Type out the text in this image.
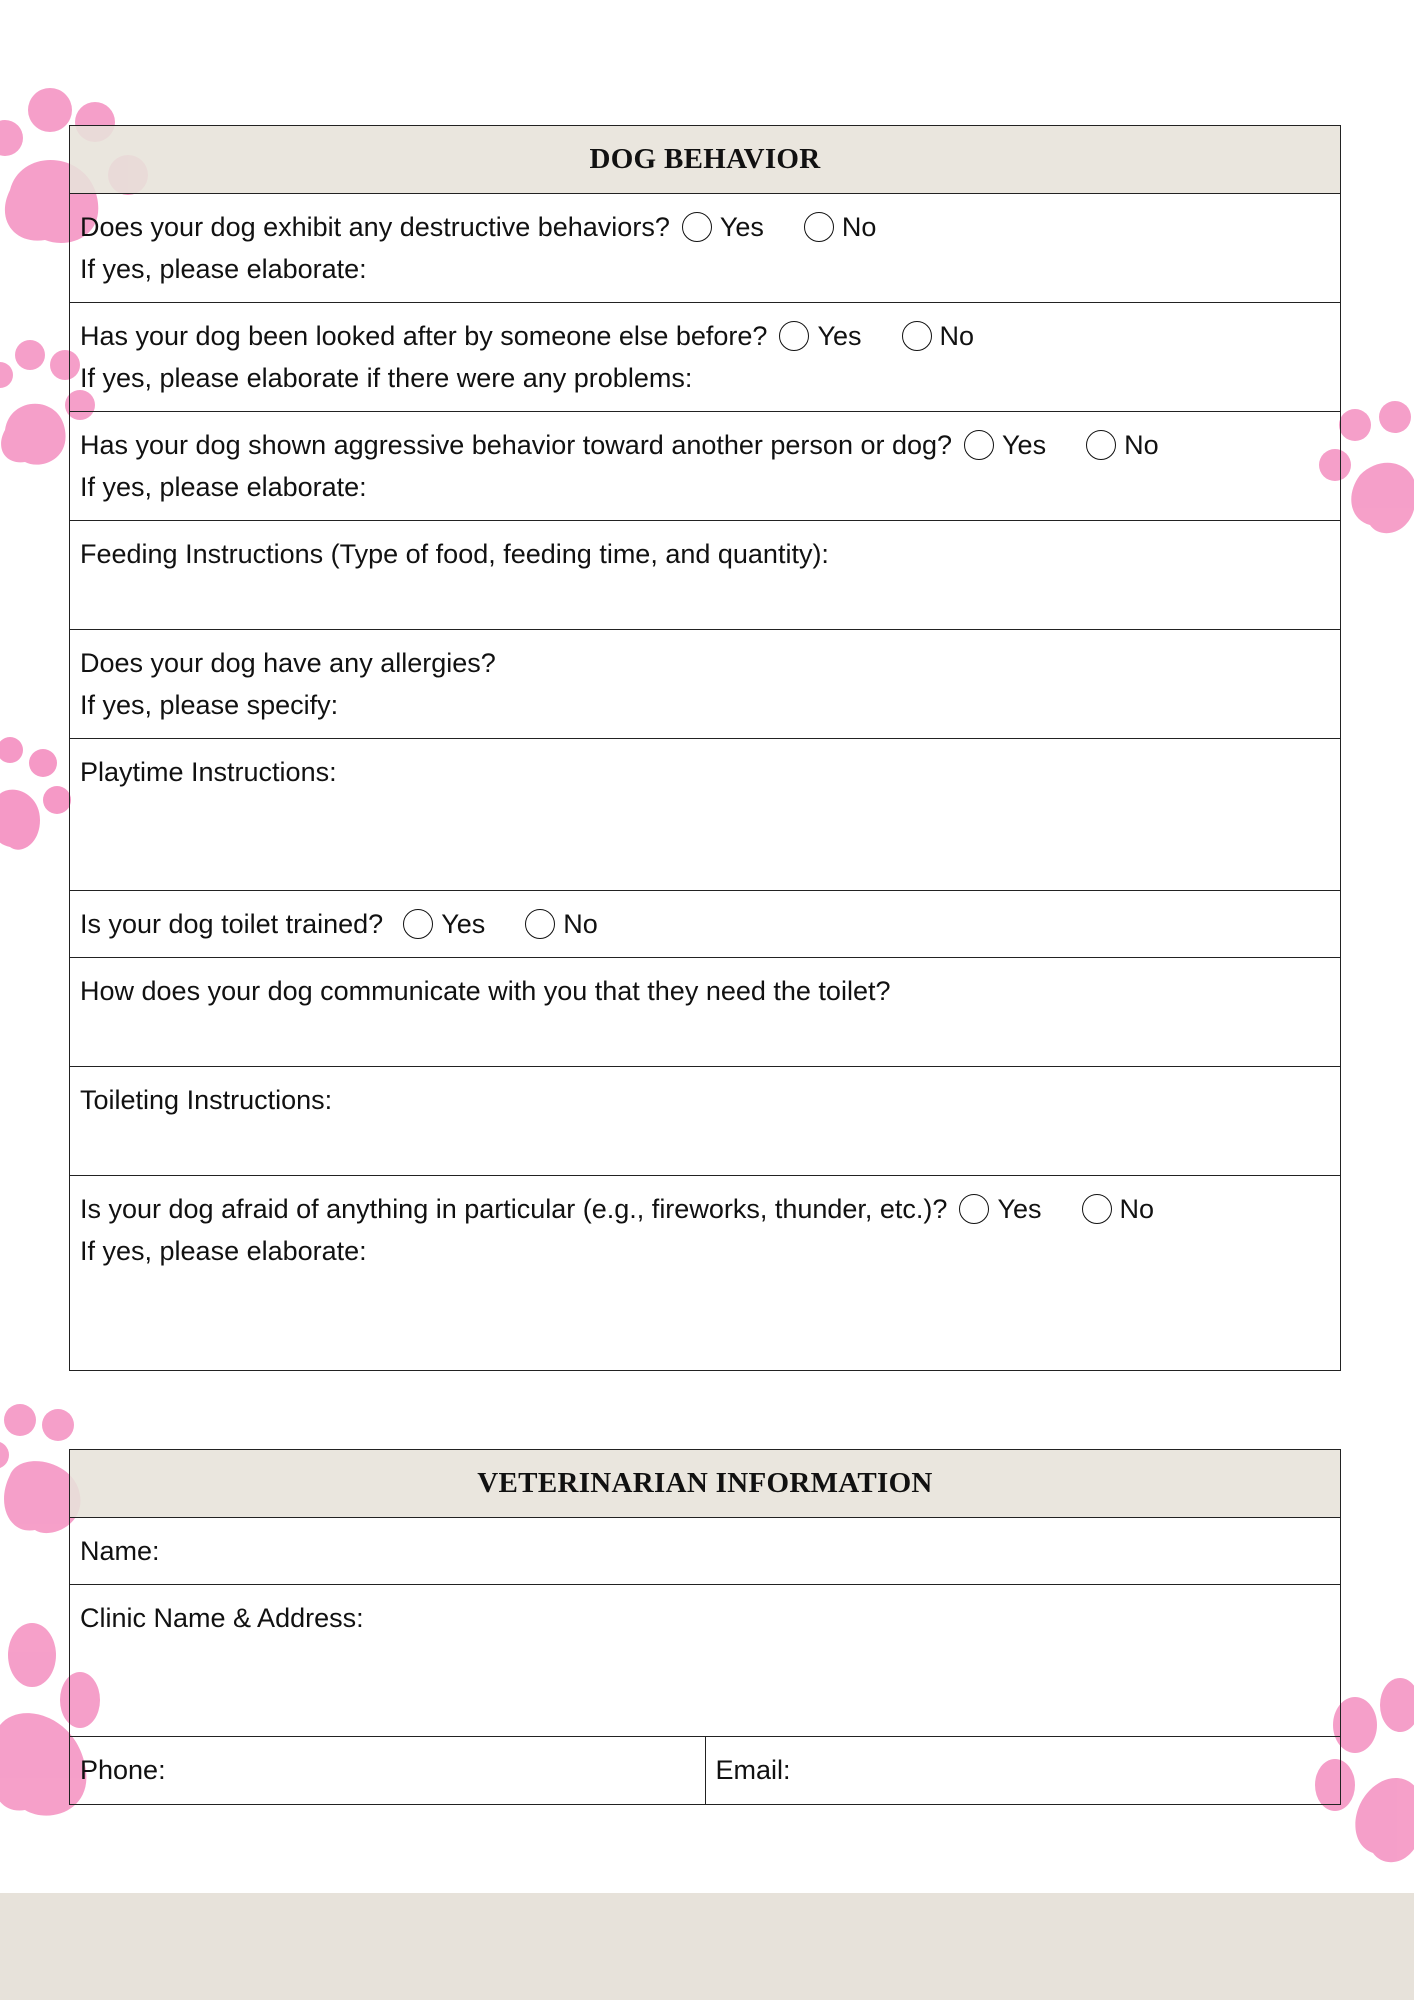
DOG BEHAVIOR
Does your dog exhibit any destructive behaviors? Yes	No
If yes, please elaborate:
Has your dog been looked after by someone else before? Yes	No
If yes, please elaborate if there were any problems:
Has your dog shown aggressive behavior toward another person or dog? Yes	No
If yes, please elaborate:
Feeding Instructions (Type of food, feeding time, and quantity):
Does your dog have any allergies?
If yes, please specify:
Playtime Instructions:
Is your dog toilet trained? Yes	No
How does your dog communicate with you that they need the toilet?
Toileting Instructions:
Is your dog afraid of anything in particular (e.g., fireworks, thunder, etc.)? Yes	No
If yes, please elaborate:
VETERINARIAN INFORMATION
Name:
Clinic Name & Address:
Phone:	Email:
